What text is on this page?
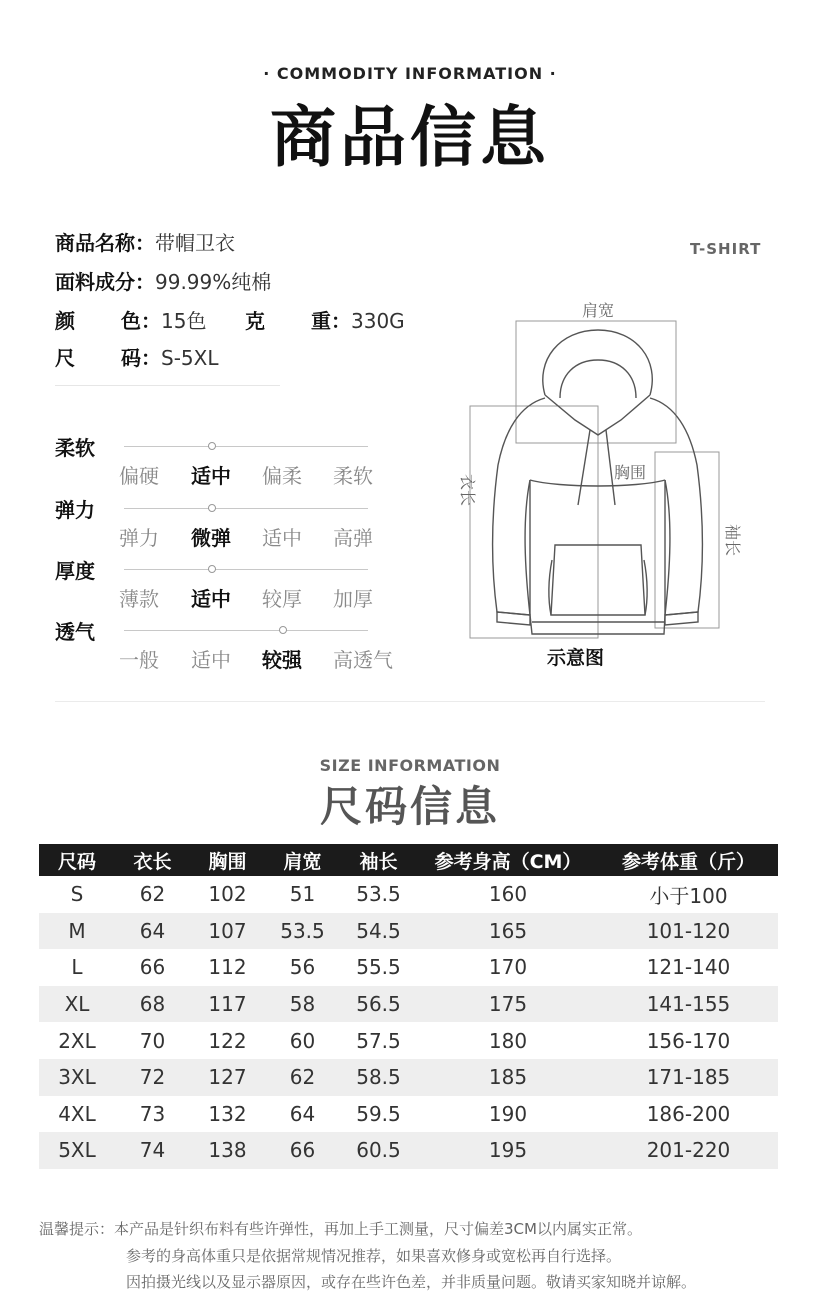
· COMMODITY INFORMATION ·
商品信息
商品名称：带帽卫衣
面料成分：99.99%纯棉
颜 色：15色 克 重：330G
尺 码：S-5XL
T-SHIRT
柔软
偏硬 适中 偏柔 柔软
弹力
弹力 微弹 适中 高弹
厚度
薄款 适中 较厚 加厚
透气
一般 适中 较强 高透气
肩宽
衣长
胸围
袖长
示意图
SIZE INFORMATION
尺码信息
尺码	衣长	胸围	肩宽	袖长	参考身高（CM）	参考体重（斤）
S	62	102	51	53.5	160	小于100
M	64	107	53.5	54.5	165	101-120
L	66	112	56	55.5	170	121-140
XL	68	117	58	56.5	175	141-155
2XL	70	122	60	57.5	180	156-170
3XL	72	127	62	58.5	185	171-185
4XL	73	132	64	59.5	190	186-200
5XL	74	138	66	60.5	195	201-220
温馨提示：本产品是针织布料有些许弹性，再加上手工测量，尺寸偏差3CM以内属实正常。
参考的身高体重只是依据常规情况推荐，如果喜欢修身或宽松再自行选择。
因拍摄光线以及显示器原因，或存在些许色差，并非质量问题。敬请买家知晓并谅解。
